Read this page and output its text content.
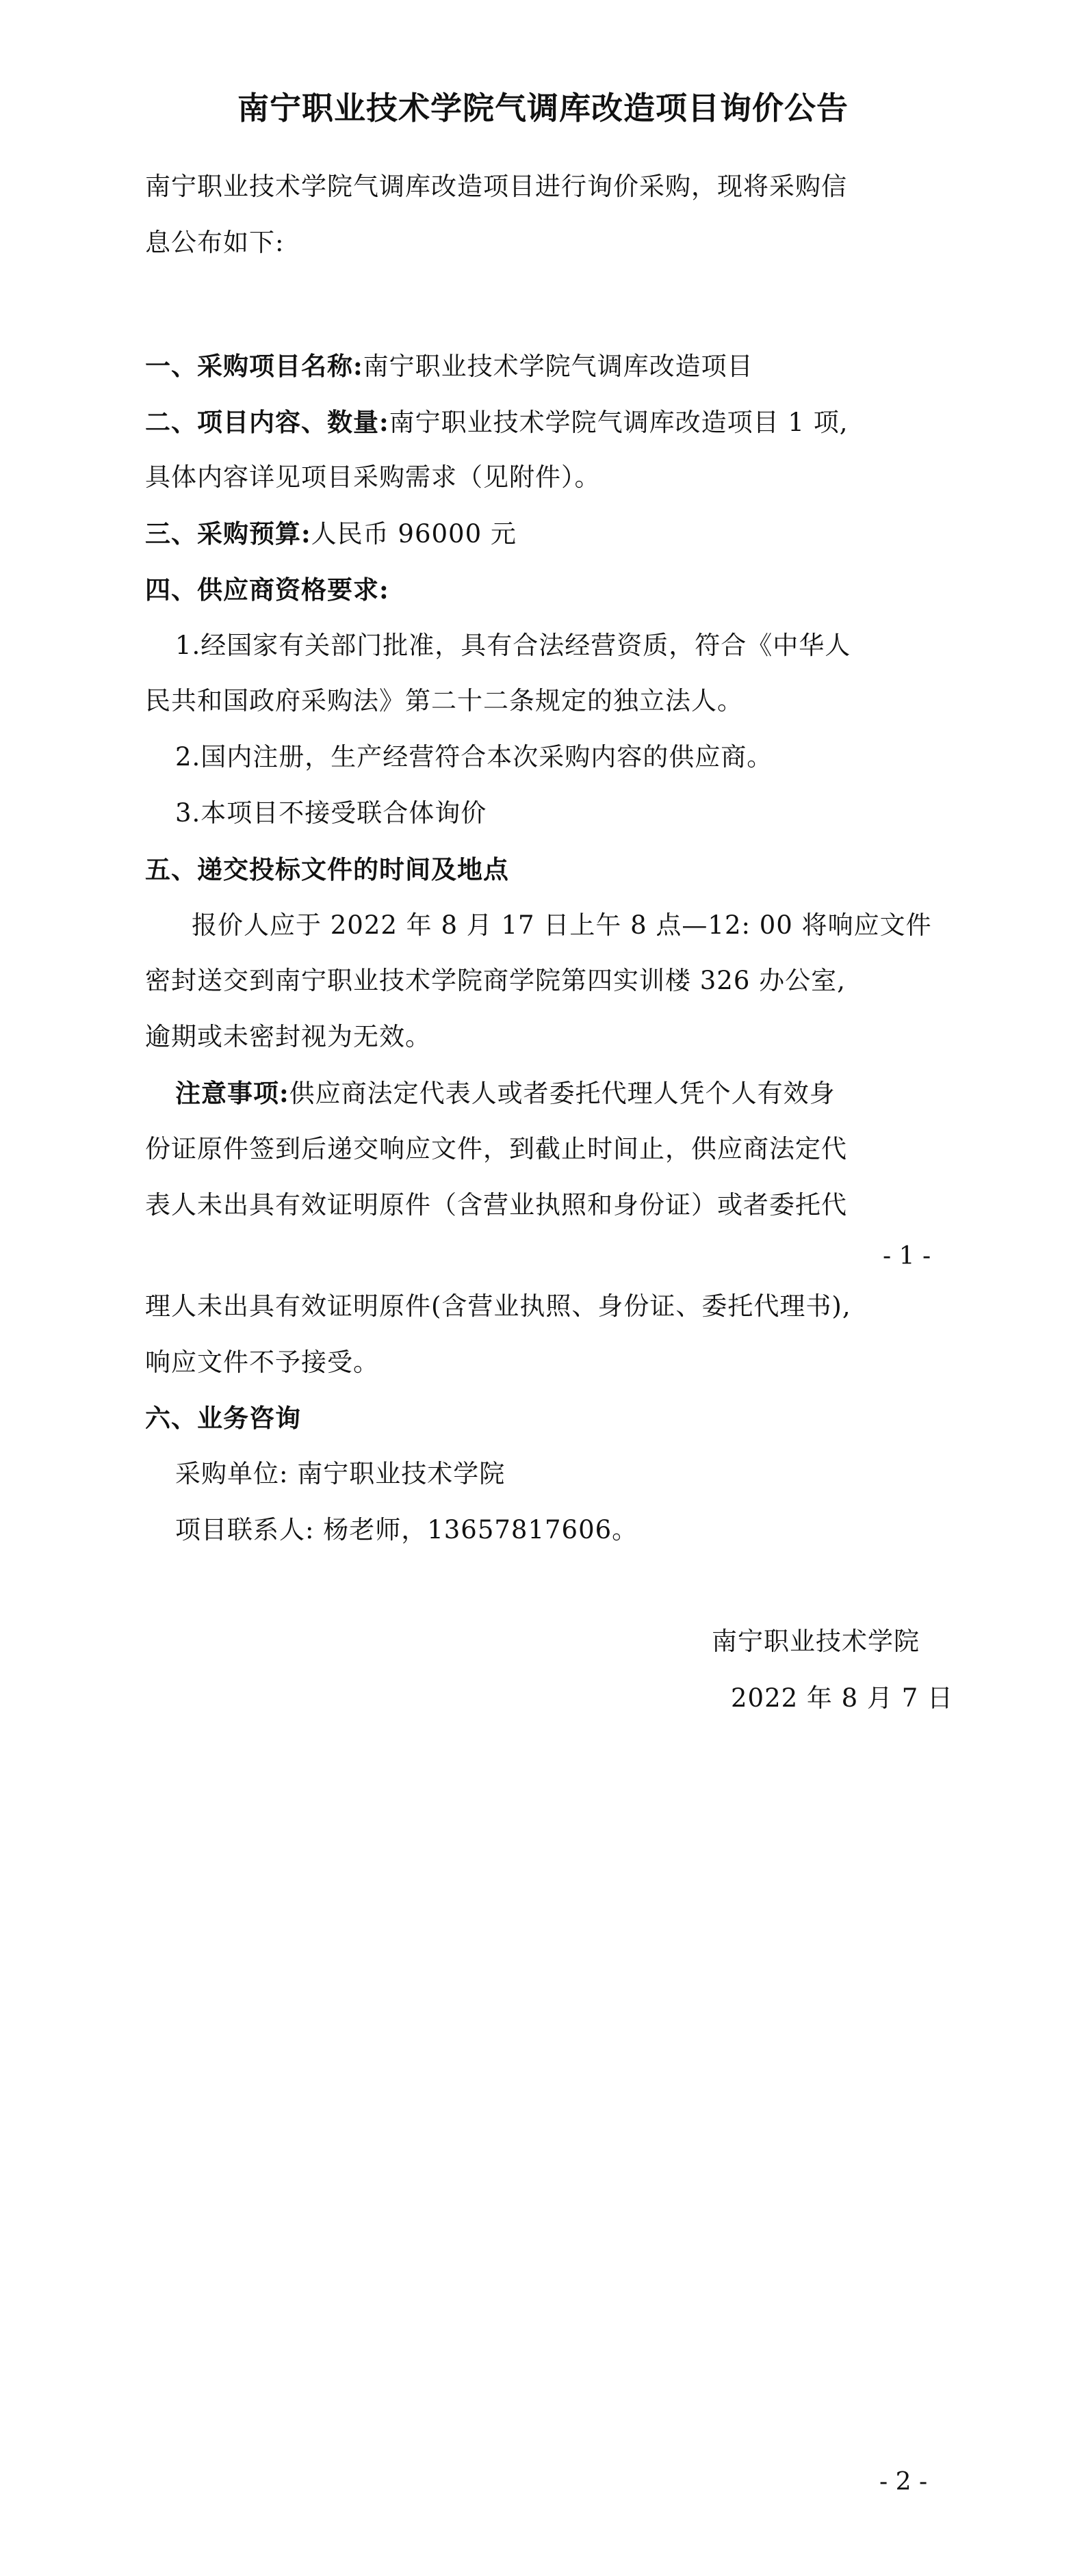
南宁职业技术学院气调库改造项目询价公告
南宁职业技术学院气调库改造项目进行询价采购，现将采购信
息公布如下:
一、采购项目名称:南宁职业技术学院气调库改造项目
二、项目内容、数量:南宁职业技术学院气调库改造项目 1 项,
具体内容详见项目采购需求（见附件）。
三、采购预算:人民币 96000 元
四、供应商资格要求:
1.经国家有关部门批准，具有合法经营资质，符合《中华人
民共和国政府采购法》第二十二条规定的独立法人。
2.国内注册，生产经营符合本次采购内容的供应商。
3.本项目不接受联合体询价
五、递交投标文件的时间及地点
报价人应于 2022 年 8 月 17 日上午 8 点—12: 00 将响应文件
密封送交到南宁职业技术学院商学院第四实训楼 326 办公室,
逾期或未密封视为无效。
注意事项:供应商法定代表人或者委托代理人凭个人有效身
份证原件签到后递交响应文件，到截止时间止，供应商法定代
表人未出具有效证明原件（含营业执照和身份证）或者委托代
- 1 -
理人未出具有效证明原件(含营业执照、身份证、委托代理书),
响应文件不予接受。
六、业务咨询
采购单位: 南宁职业技术学院
项目联系人: 杨老师，13657817606。
南宁职业技术学院
2022 年 8 月 7 日
- 2 -
